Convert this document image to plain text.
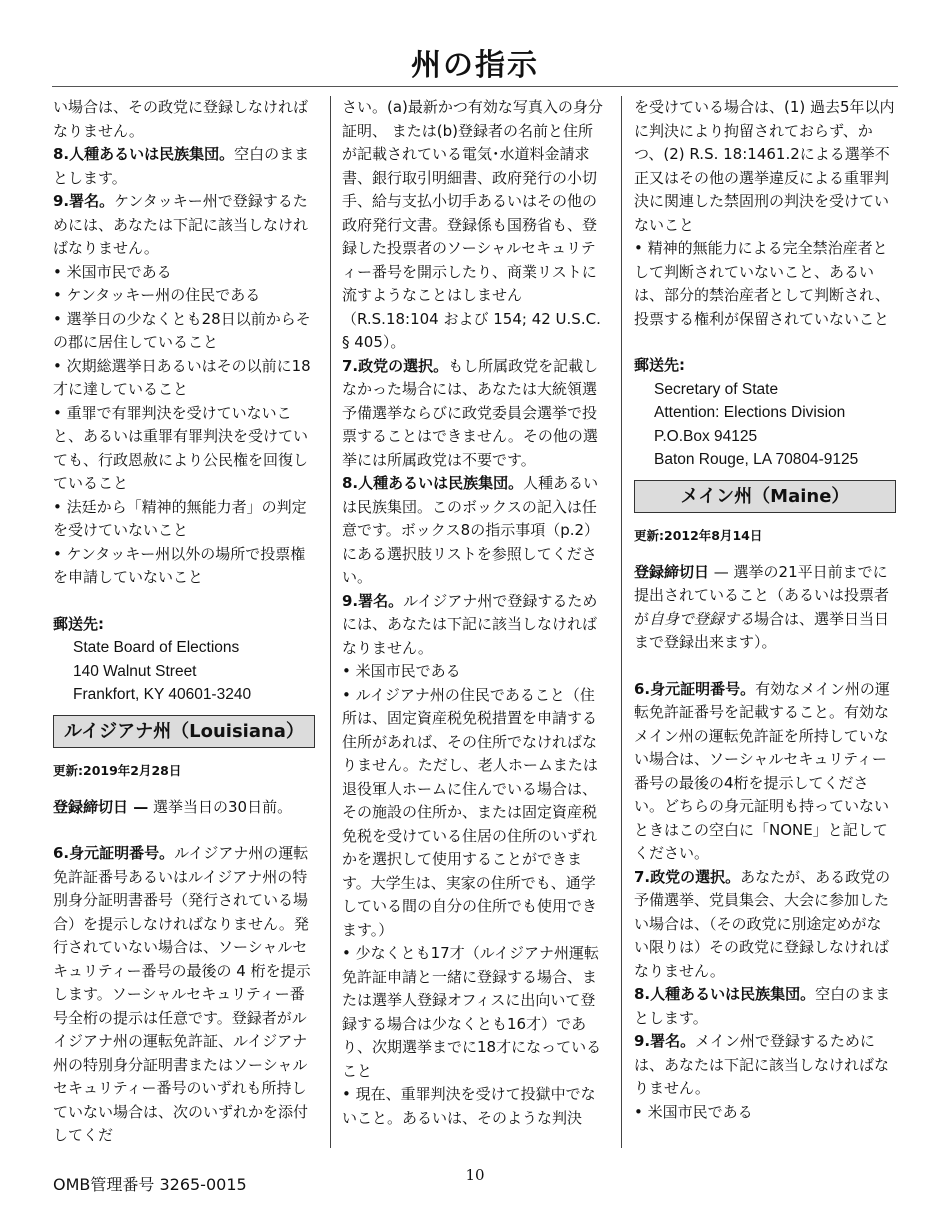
州の指示

い場合は、その政党に登録しなければなりません。

8.人種あるいは民族集団。空白のままとします。

9.署名。ケンタッキー州で登録するためには、あなたは下記に該当しなければなりません。

• 米国市民である

• ケンタッキー州の住民である

• 選挙日の少なくとも28日以前からその郡に居住していること

• 次期総選挙日あるいはその以前に18才に達していること

• 重罪で有罪判決を受けていないこと、あるいは重罪有罪判決を受けていても、行政恩赦により公民権を回復していること

• 法廷から「精神的無能力者」の判定を受けていないこと

• ケンタッキー州以外の場所で投票権を申請していないこと

郵送先:

State Board of Elections
140 Walnut Street
Frankfort, KY 40601-3240
ルイジアナ州（Louisiana）

更新:2019年2月28日

登録締切日 — 選挙当日の30日前。

6.身元証明番号。ルイジアナ州の運転免許証番号あるいはルイジアナ州の特別身分証明書番号（発行されている場合）を提示しなければなりません。発行されていない場合は、ソーシャルセキュリティー番号の最後の 4 桁を提示します。ソーシャルセキュリティー番号全桁の提示は任意です。登録者がルイジアナ州の運転免許証、ルイジアナ州の特別身分証明書またはソーシャルセキュリティー番号のいずれも所持していない場合は、次のいずれかを添付してくだ

さい。(a)最新かつ有効な写真入の身分証明、 または(b)登録者の名前と住所が記載されている電気･水道料金請求書、銀行取引明細書、政府発行の小切手、給与支払小切手あるいはその他の政府発行文書。登録係も国務省も、登録した投票者のソーシャルセキュリティー番号を開示したり、商業リストに流すようなことはしません（R.S.18:104 および 154; 42 U.S.C. § 405）。

7.政党の選択。もし所属政党を記載しなかった場合には、あなたは大統領選予備選挙ならびに政党委員会選挙で投票することはできません。その他の選挙には所属政党は不要です。

8.人種あるいは民族集団。人種あるいは民族集団。このボックスの記入は任意です。ボックス8の指示事項（p.2）にある選択肢リストを参照してください。

9.署名。ルイジアナ州で登録するためには、あなたは下記に該当しなければなりません。

• 米国市民である

• ルイジアナ州の住民であること（住所は、固定資産税免税措置を申請する住所があれば、その住所でなければなりません。ただし、老人ホームまたは退役軍人ホームに住んでいる場合は、その施設の住所か、または固定資産税免税を受けている住居の住所のいずれかを選択して使用することができます。大学生は、実家の住所でも、通学している間の自分の住所でも使用できます。）

• 少なくとも17才（ルイジアナ州運転免許証申請と一緒に登録する場合、または選挙人登録オフィスに出向いて登録する場合は少なくとも16才）であり、次期選挙までに18才になっていること

• 現在、重罪判決を受けて投獄中でないこと。あるいは、そのような判決

を受けている場合は、(1) 過去5年以内に判決により拘留されておらず、かつ、(2) R.S. 18:1461.2による選挙不正又はその他の選挙違反による重罪判決に関連した禁固刑の判決を受けていないこと

• 精神的無能力による完全禁治産者として判断されていないこと、あるいは、部分的禁治産者として判断され、投票する権利が保留されていないこと

郵送先:

Secretary of State
Attention: Elections Division
P.O.Box 94125
Baton Rouge, LA 70804-9125
メイン州（Maine）

更新:2012年8月14日

登録締切日 — 選挙の21平日前までに提出されていること（あるいは投票者が自身で登録する場合は、選挙日当日まで登録出来ます）。

6.身元証明番号。有効なメイン州の運転免許証番号を記載すること。有効なメイン州の運転免許証を所持していない場合は、ソーシャルセキュリティー番号の最後の4桁を提示してください。どちらの身元証明も持っていないときはこの空白に「NONE」と記してください。

7.政党の選択。あなたが、ある政党の予備選挙、党員集会、大会に参加したい場合は、（その政党に別途定めがない限りは）その政党に登録しなければなりません。

8.人種あるいは民族集団。空白のままとします。

9.署名。メイン州で登録するためには、あなたは下記に該当しなければなりません。

• 米国市民である

OMB管理番号 3265-0015	10
